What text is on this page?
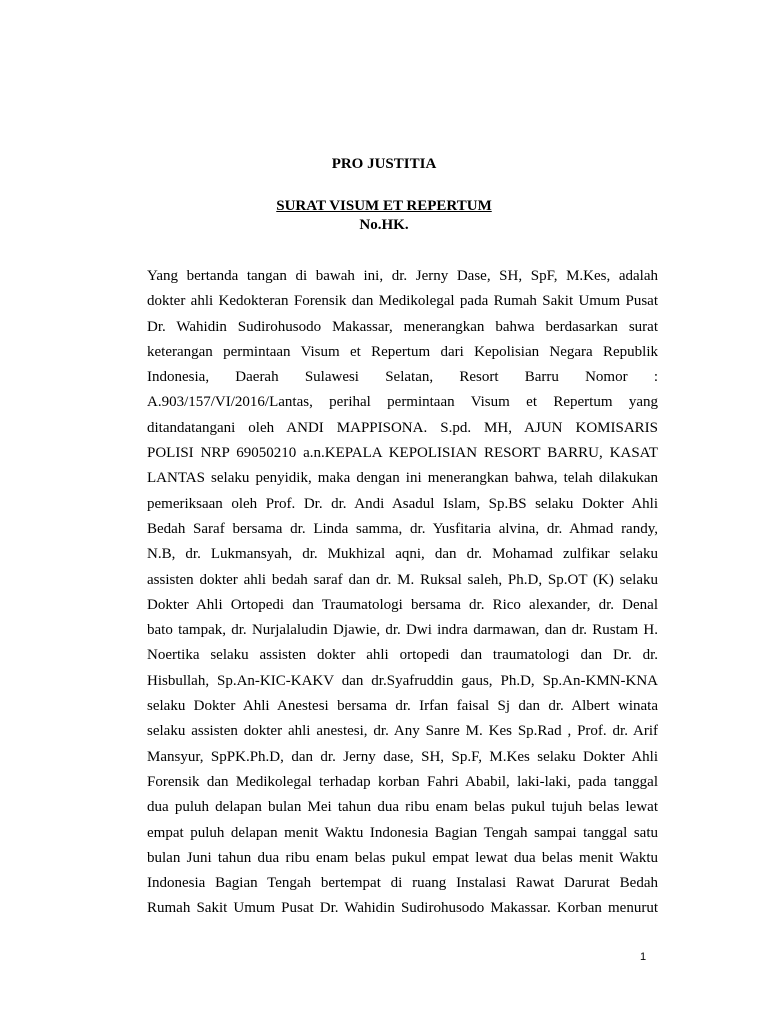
PRO JUSTITIA
SURAT VISUM ET REPERTUM
No.HK.
Yang bertanda tangan di bawah ini, dr. Jerny Dase, SH, SpF, M.Kes, adalah
dokter ahli Kedokteran Forensik dan Medikolegal pada Rumah Sakit Umum Pusat
Dr. Wahidin Sudirohusodo Makassar, menerangkan bahwa berdasarkan surat
keterangan permintaan Visum et Repertum dari Kepolisian Negara Republik
Indonesia, Daerah Sulawesi Selatan, Resort Barru Nomor :
A.903/157/VI/2016/Lantas, perihal permintaan Visum et Repertum yang
ditandatangani oleh ANDI MAPPISONA. S.pd. MH, AJUN KOMISARIS
POLISI NRP 69050210 a.n.KEPALA KEPOLISIAN RESORT BARRU, KASAT
LANTAS selaku penyidik, maka dengan ini menerangkan bahwa, telah dilakukan
pemeriksaan oleh Prof. Dr. dr. Andi Asadul Islam, Sp.BS selaku Dokter Ahli
Bedah Saraf bersama dr. Linda samma, dr. Yusfitaria alvina, dr. Ahmad randy,
N.B, dr. Lukmansyah, dr. Mukhizal aqni, dan dr. Mohamad zulfikar selaku
assisten dokter ahli bedah saraf dan dr. M. Ruksal saleh, Ph.D, Sp.OT (K) selaku
Dokter Ahli Ortopedi dan Traumatologi bersama dr. Rico alexander, dr. Denal
bato tampak, dr. Nurjalaludin Djawie, dr. Dwi indra darmawan, dan dr. Rustam H.
Noertika selaku assisten dokter ahli ortopedi dan traumatologi dan Dr. dr.
Hisbullah, Sp.An-KIC-KAKV dan dr.Syafruddin gaus, Ph.D, Sp.An-KMN-KNA
selaku Dokter Ahli Anestesi bersama dr. Irfan faisal Sj dan dr. Albert winata
selaku assisten dokter ahli anestesi, dr. Any Sanre M. Kes Sp.Rad , Prof. dr. Arif
Mansyur, SpPK.Ph.D, dan dr. Jerny dase, SH, Sp.F, M.Kes selaku Dokter Ahli
Forensik dan Medikolegal terhadap korban Fahri Ababil, laki-laki, pada tanggal
dua puluh delapan bulan Mei tahun dua ribu enam belas pukul tujuh belas lewat
empat puluh delapan menit Waktu Indonesia Bagian Tengah sampai tanggal satu
bulan Juni tahun dua ribu enam belas pukul empat lewat dua belas menit Waktu
Indonesia Bagian Tengah bertempat di ruang Instalasi Rawat Darurat Bedah
Rumah Sakit Umum Pusat Dr. Wahidin Sudirohusodo Makassar. Korban menurut
1
